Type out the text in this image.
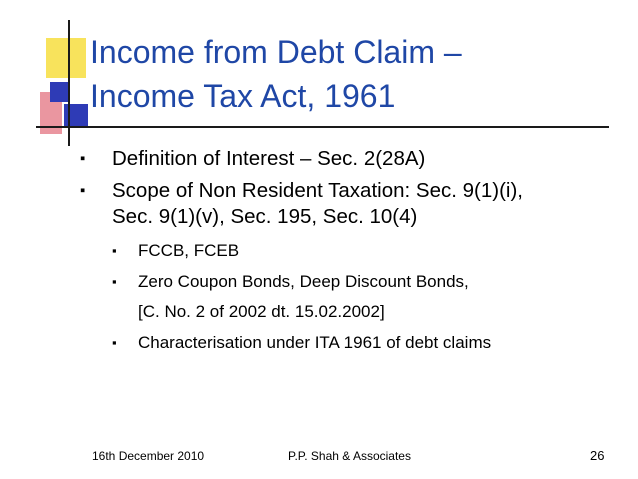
Income from Debt Claim –
Income Tax Act, 1961
▪ Definition of Interest – Sec. 2(28A)
▪ Scope of Non Resident Taxation: Sec. 9(1)(i),
Sec. 9(1)(v), Sec. 195, Sec. 10(4)
▪ FCCB, FCEB
▪ Zero Coupon Bonds, Deep Discount Bonds,
[C. No. 2 of 2002 dt. 15.02.2002]
▪ Characterisation under ITA 1961 of debt claims
16th December 2010	P.P. Shah & Associates	26
